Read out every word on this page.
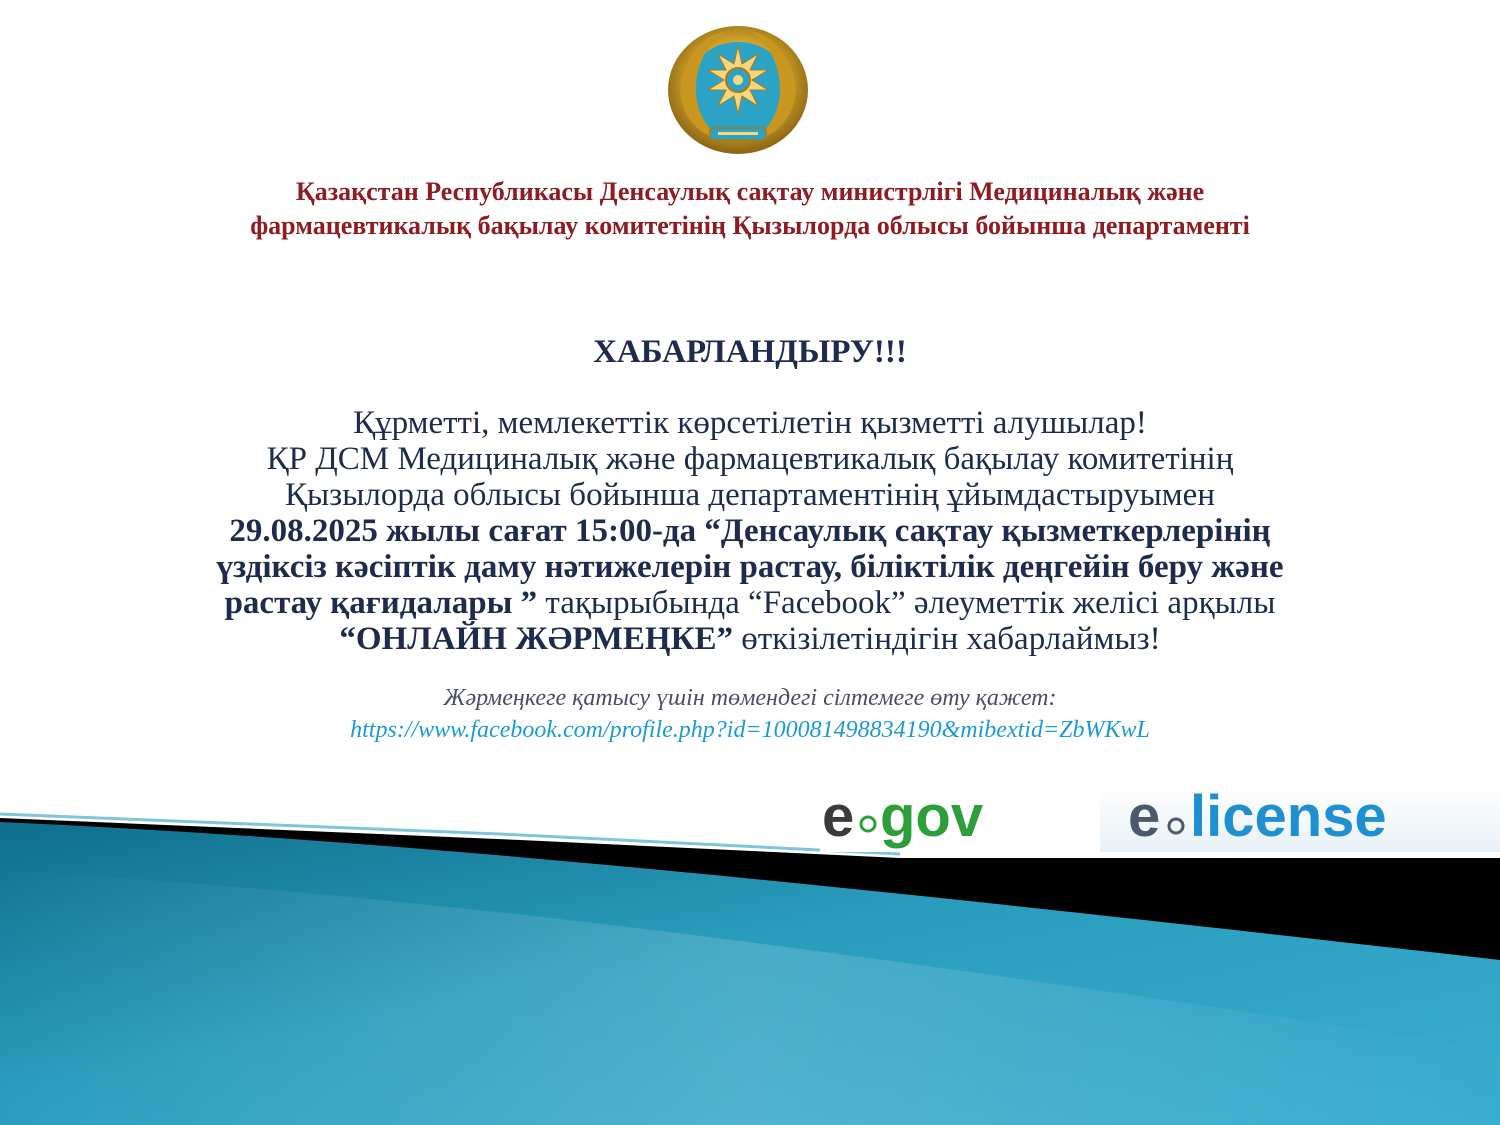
Қазақстан Республикасы Денсаулық сақтау министрлігі Медициналық және
фармацевтикалық бақылау комитетінің Қызылорда облысы бойынша департаменті
ХАБАРЛАНДЫРУ!!!
Құрметті, мемлекеттік көрсетілетін қызметті алушылар!
ҚР ДСМ Медициналық және фармацевтикалық бақылау комитетінің
Қызылорда облысы бойынша департаментінің ұйымдастыруымен
29.08.2025 жылы сағат 15:00-да “Денсаулық сақтау қызметкерлерінің
үздіксіз кәсіптік даму нәтижелерін растау, біліктілік деңгейін беру және
растау қағидалары ” тақырыбында “Facebook” әлеуметтік желісі арқылы
“ОНЛАЙН ЖӘРМЕҢКЕ” өткізілетіндігін хабарлаймыз!
Жәрмеңкеге қатысу үшін төмендегі сілтемеге өту қажет:
https://www.facebook.com/profile.php?id=100081498834190&mibextid=ZbWKwL
e gov e license
